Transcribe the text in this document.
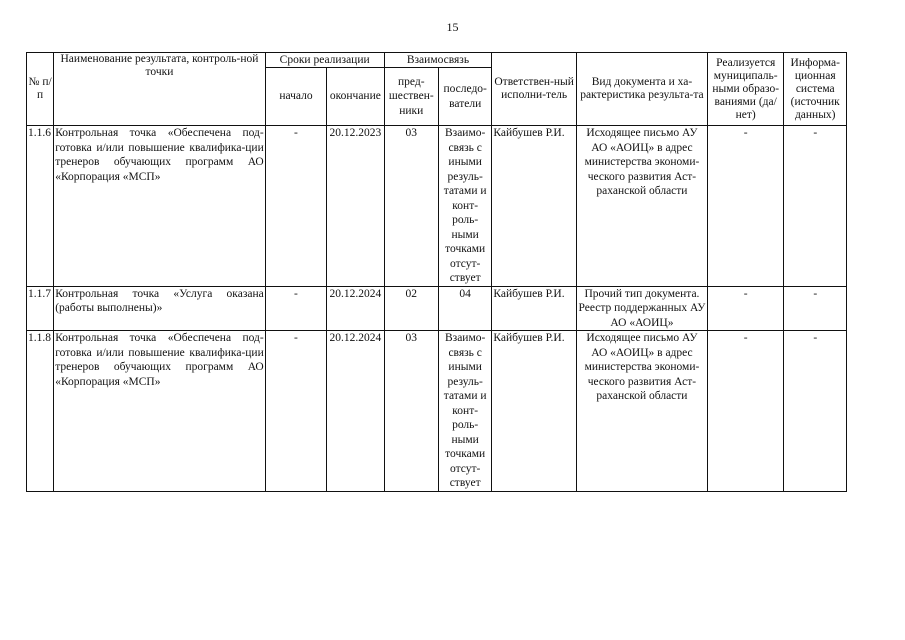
15
№ п/п	Наименование результата, контроль-ной точки	Сроки реализации		Взаимосвязь		Ответствен-ный исполни-тель	Вид документа и ха-рактеристика результа-та	Реализуется муниципаль-ными образо-ваниями (да/нет)	Информа-ционная система (источник данных)
		начало	окончание	пред-шествен-ники	последо-ватели				
1.1.6	Контрольная точка «Обеспечена под-готовка и/или повышение квалифика-ции тренеров обучающих программ АО «Корпорация «МСП»	-	20.12.2023	03	Взаимо-связь с иными резуль-татами и конт-роль-ными точками отсут-ствует	Кайбушев Р.И.	Исходящее письмо АУ АО «АОИЦ» в адрес министерства экономи-ческого развития Аст-раханской области	-	-
1.1.7	Контрольная точка «Услуга оказана (работы выполнены)»	-	20.12.2024	02	04	Кайбушев Р.И.	Прочий тип документа. Реестр поддержанных АУ АО «АОИЦ»	-	-
1.1.8	Контрольная точка «Обеспечена под-готовка и/или повышение квалифика-ции тренеров обучающих программ АО «Корпорация «МСП»	-	20.12.2024	03	Взаимо-связь с иными резуль-татами и конт-роль-ными точками отсут-ствует	Кайбушев Р.И.	Исходящее письмо АУ АО «АОИЦ» в адрес министерства экономи-ческого развития Аст-раханской области	-	-
